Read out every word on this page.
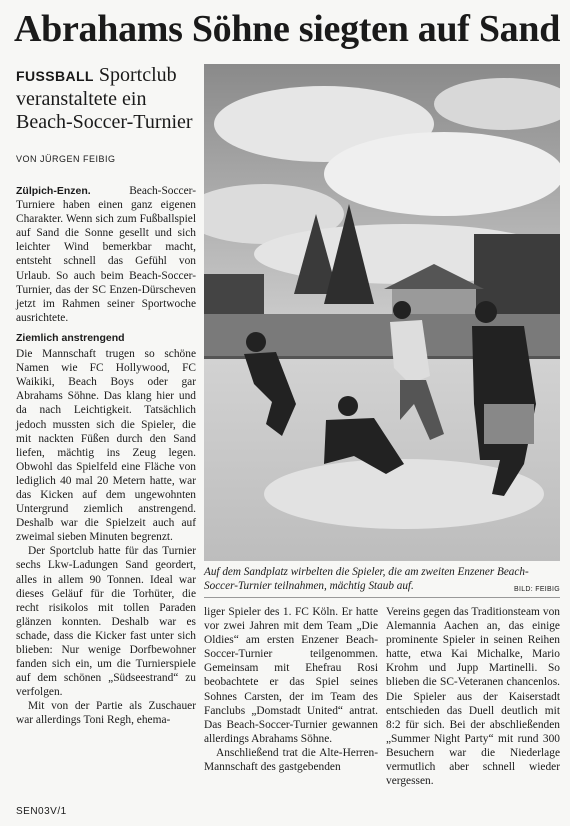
Abrahams Söhne siegten auf Sand
FUSSBALL Sportclub veranstaltete ein Beach-Soccer-Turnier
VON JÜRGEN FEIBIG

Zülpich-Enzen.	Beach-Soccer-Turniere haben einen ganz eigenen Charakter. Wenn sich zum Fußballspiel auf Sand die Sonne gesellt und sich leichter Wind bemerkbar macht, entsteht schnell das Gefühl von Urlaub. So auch beim Beach-Soccer-Turnier, das der SC Enzen-Dürscheven jetzt im Rahmen seiner Sportwoche ausrichtete.

Ziemlich anstrengend

Die Mannschaft trugen so schöne Namen wie FC Hollywood, FC Waikiki, Beach Boys oder gar Abrahams Söhne. Das klang hier und da nach Leichtigkeit. Tatsächlich jedoch mussten sich die Spieler, die mit nackten Füßen durch den Sand liefen, mächtig ins Zeug legen. Obwohl das Spielfeld eine Fläche von lediglich 40 mal 20 Metern hatte, war das Kicken auf dem ungewohnten Untergrund ziemlich anstrengend. Deshalb war die Spielzeit auch auf zweimal sieben Minuten begrenzt.

Der Sportclub hatte für das Turnier sechs Lkw-Ladungen Sand geordert, alles in allem 90 Tonnen. Ideal war dieses Geläuf für die Torhüter, die recht risikolos mit tollen Paraden glänzen konnten. Deshalb war es schade, dass die Kicker fast unter sich blieben: Nur wenige Dorfbewohner fanden sich ein, um die Turnierspiele auf dem schönen „Südseestrand“ zu verfolgen.

Mit von der Partie als Zuschauer war allerdings Toni Regh, ehema-

Auf dem Sandplatz wirbelten die Spieler, die am zweiten Enzener Beach-Soccer-Turnier teilnahmen, mächtig Staub auf.	BILD: FEIBIG

liger Spieler des 1. FC Köln. Er hatte vor zwei Jahren mit dem Team „Die Oldies“ am ersten Enzener Beach-Soccer-Turnier teilgenommen. Gemeinsam mit Ehefrau Rosi beobachtete er das Spiel seines Sohnes Carsten, der im Team des Fanclubs „Domstadt United“ antrat. Das Beach-Soccer-Turnier gewannen allerdings Abrahams Söhne.

Anschließend trat die Alte-Herren-Mannschaft des gastgebenden

Vereins gegen das Traditionsteam von Alemannia Aachen an, das einige prominente Spieler in seinen Reihen hatte, etwa Kai Michalke, Mario Krohm und Jupp Martinelli. So blieben die SC-Veteranen chancenlos. Die Spieler aus der Kaiserstadt entschieden das Duell deutlich mit 8:2 für sich. Bei der abschließenden „Summer Night Party“ mit rund 300 Besuchern war die Niederlage vermutlich aber schnell wieder vergessen.

SEN03V/1
